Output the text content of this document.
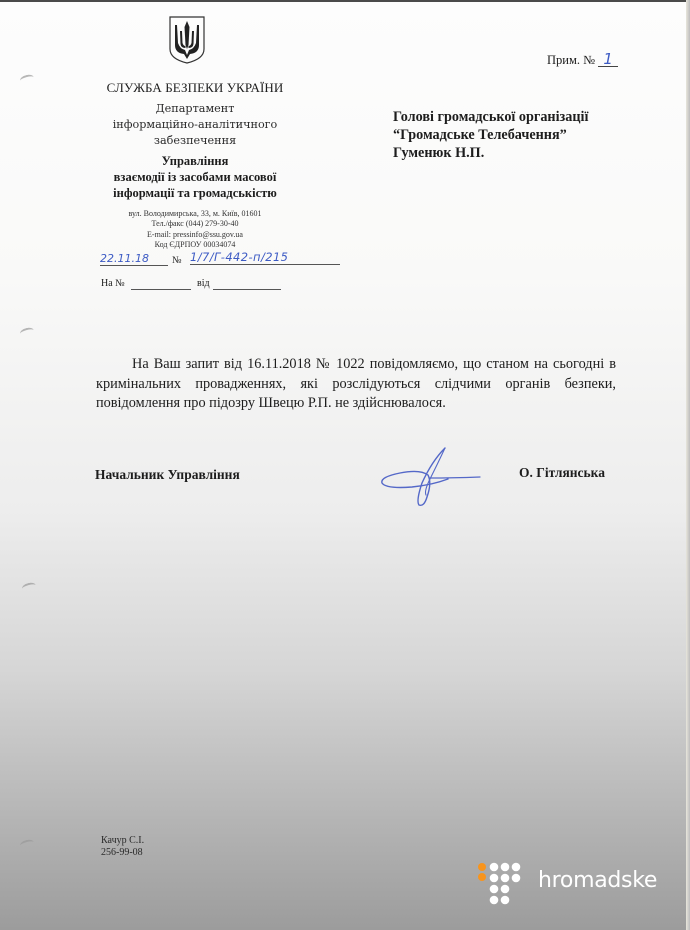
СЛУЖБА БЕЗПЕКИ УКРАЇНИ
Департамент
інформаційно-аналітичного
забезпечення
Управління
взаємодії із засобами масової
інформації та громадськістю
вул. Володимирська, 33, м. Київ, 01601
Тел./факс (044) 279-30-40
E-mail: pressinfo@ssu.gov.ua
Код ЄДРПОУ 00034074
22.11.18	№ 1/7/Г-442-п/215
На №	від
Прим. № 1
Голові громадської організації
“Громадське Телебачення”
Гуменюк Н.П.
На Ваш запит від 16.11.2018 № 1022 повідомляємо, що станом на сьогодні в кримінальних провадженнях, які розслідуються слідчими органів безпеки, повідомлення про підозру Швецю Р.П. не здійснювалося.
Начальник Управління	О. Гітлянська
Качур С.І.
256-99-08
hromadske
